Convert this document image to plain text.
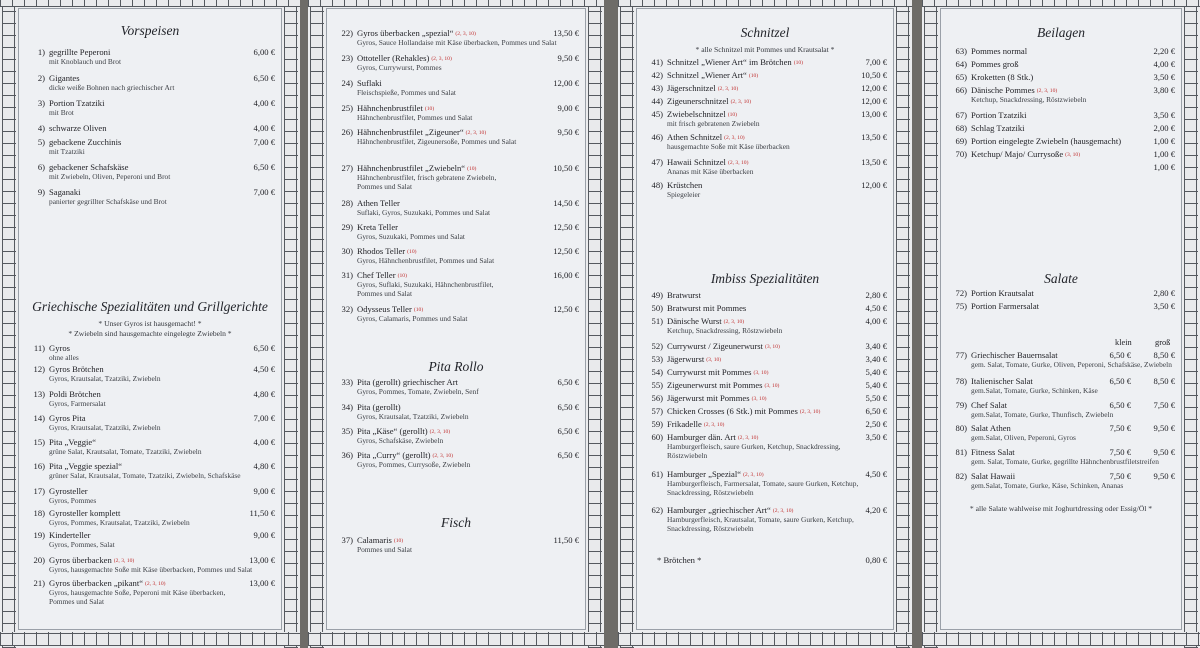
Vorspeisen
1) gegrillte Peperoni	6,00 €
mit Knoblauch und Brot
2) Gigantes	6,50 €
dicke weiße Bohnen nach griechischer Art
3) Portion Tzatziki	4,00 €
mit Brot
4) schwarze Oliven	4,00 €
5) gebackene Zucchinis	7,00 €
mit Tzatziki
6) gebackener Schafskäse	6,50 €
mit Zwiebeln, Oliven, Peperoni und Brot
9) Saganaki	7,00 €
panierter gegrillter Schafskäse und Brot
Griechische Spezialitäten und Grillgerichte
* Unser Gyros ist hausgemacht! *
* Zwiebeln sind hausgemachte eingelegte Zwiebeln *
11) Gyros	6,50 €
ohne alles
12) Gyros Brötchen	4,50 €
Gyros, Krautsalat, Tzatziki, Zwiebeln
13) Poldi Brötchen	4,80 €
Gyros, Farmersalat
14) Gyros Pita	7,00 €
Gyros, Krautsalat, Tzatziki, Zwiebeln
15) Pita „Veggie“	4,00 €
grüne Salat, Krautsalat, Tomate, Tzatziki, Zwiebeln
16) Pita „Veggie spezial“	4,80 €
grüner Salat, Krautsalat, Tomate, Tzatziki, Zwiebeln, Schafskäse
17) Gyrosteller	9,00 €
Gyros, Pommes
18) Gyrosteller komplett	11,50 €
Gyros, Pommes, Krautsalat, Tzatziki, Zwiebeln
19) Kinderteller	9,00 €
Gyros, Pommes, Salat
20) Gyros überbacken (2, 3, 10)	13,00 €
Gyros, hausgemachte Soße mit Käse überbacken, Pommes und Salat
21) Gyros überbacken „pikant“ (2, 3, 10)	13,00 €
Gyros, hausgemachte Soße, Peperoni mit Käse überbacken,
Pommes und Salat
22) Gyros überbacken „spezial“ (2, 3, 10)	13,50 €
Gyros, Sauce Hollandaise mit Käse überbacken, Pommes und Salat
23) Ottoteller (Rehakles) (2, 3, 10)	9,50 €
Gyros, Currywurst, Pommes
24) Suflaki	12,00 €
Fleischspieße, Pommes und Salat
25) Hähnchenbrustfilet (10)	9,00 €
Hähnchenbrustfilet, Pommes und Salat
26) Hähnchenbrustfilet „Zigeuner“ (2, 3, 10)	9,50 €
Hähnchenbrustfilet, Zigeunersoße, Pommes und Salat
27) Hähnchenbrustfilet „Zwiebeln“ (10)	10,50 €
Hähnchenbrustfilet, frisch gebratene Zwiebeln,
Pommes und Salat
28) Athen Teller	14,50 €
Suflaki, Gyros, Suzukaki, Pommes und Salat
29) Kreta Teller	12,50 €
Gyros, Suzukaki, Pommes und Salat
30) Rhodos Teller (10)	12,50 €
Gyros, Hähnchenbrustfilet, Pommes und Salat
31) Chef Teller (10)	16,00 €
Gyros, Suflaki, Suzukaki, Hähnchenbrustfilet,
Pommes und Salat
32) Odysseus Teller (10)	12,50 €
Gyros, Calamaris, Pommes und Salat
Pita Rollo
33) Pita (gerollt) griechischer Art	6,50 €
Gyros, Pommes, Tomate, Zwiebeln, Senf
34) Pita (gerollt)	6,50 €
Gyros, Krautsalat, Tzatziki, Zwiebeln
35) Pita „Käse“ (gerollt) (2, 3, 10)	6,50 €
Gyros, Schafskäse, Zwiebeln
36) Pita „Curry“ (gerollt) (2, 3, 10)	6,50 €
Gyros, Pommes, Currysoße, Zwiebeln
Fisch
37) Calamaris (10)	11,50 €
Pommes und Salat
Schnitzel
* alle Schnitzel mit Pommes und Krautsalat *
41) Schnitzel „Wiener Art“ im Brötchen (10)	7,00 €
42) Schnitzel „Wiener Art“ (10)	10,50 €
43) Jägerschnitzel (2, 3, 10)	12,00 €
44) Zigeunerschnitzel (2, 3, 10)	12,00 €
45) Zwiebelschnitzel (10)	13,00 €
mit frisch gebratenen Zwiebeln
46) Athen Schnitzel (2, 3, 10)	13,50 €
hausgemachte Soße mit Käse überbacken
47) Hawaii Schnitzel (2, 3, 10)	13,50 €
Ananas mit Käse überbacken
48) Krüstchen	12,00 €
Spiegeleier
Imbiss Spezialitäten
49) Bratwurst	2,80 €
50) Bratwurst mit Pommes	4,50 €
51) Dänische Wurst (2, 3, 10)	4,00 €
Ketchup, Snackdressing, Röstzwiebeln
52) Currywurst / Zigeunerwurst (3, 10)	3,40 €
53) Jägerwurst (3, 10)	3,40 €
54) Currywurst mit Pommes (3, 10)	5,40 €
55) Zigeunerwurst mit Pommes (3, 10)	5,40 €
56) Jägerwurst mit Pommes (3, 10)	5,50 €
57) Chicken Crosses (6 Stk.) mit Pommes (2, 3, 10)	6,50 €
59) Frikadelle (2, 3, 10)	2,50 €
60) Hamburger dän. Art (2, 3, 10)	3,50 €
Hamburgerfleisch, saure Gurken, Ketchup, Snackdressing,
Röstzwiebeln
61) Hamburger „Spezial“ (2, 3, 10)	4,50 €
Hamburgerfleisch, Farmersalat, Tomate, saure Gurken, Ketchup,
Snackdressing, Röstzwiebeln
62) Hamburger „griechischer Art“ (2, 3, 10)	4,20 €
Hamburgerfleisch, Krautsalat, Tomate, saure Gurken, Ketchup,
Snackdressing, Röstzwiebeln
* Brötchen *	0,80 €
Beilagen
63) Pommes normal	2,20 €
64) Pommes groß	4,00 €
65) Kroketten (8 Stk.)	3,50 €
66) Dänische Pommes (2, 3, 10)	3,80 €
Ketchup, Snackdressing, Röstzwiebeln
67) Portion Tzatziki	3,50 €
68) Schlag Tzatziki	2,00 €
69) Portion eingelegte Zwiebeln (hausgemacht)	1,00 €
70) Ketchup/ Majo/ Currysoße (3, 10)	1,00 €
1,00 €
Salate
72) Portion Krautsalat	2,80 €
75) Portion Farmersalat	3,50 €
klein	groß
77) Griechischer Bauernsalat	6,50 €	8,50 €
gem. Salat, Tomate, Gurke, Oliven, Peperoni, Schafskäse, Zwiebeln
78) Italienischer Salat	6,50 €	8,50 €
gem.Salat, Tomate, Gurke, Schinken, Käse
79) Chef Salat	6,50 €	7,50 €
gem.Salat, Tomate, Gurke, Thunfisch, Zwiebeln
80) Salat Athen	7,50 €	9,50 €
gem.Salat, Oliven, Peperoni, Gyros
81) Fitness Salat	7,50 €	9,50 €
gem. Salat, Tomate, Gurke, gegrillte Hähnchenbrustfiletstreifen
82) Salat Hawaii	7,50 €	9,50 €
gem.Salat, Tomate, Gurke, Käse, Schinken, Ananas
* alle Salate wahlweise mit Joghurtdressing oder Essig/Öl *
